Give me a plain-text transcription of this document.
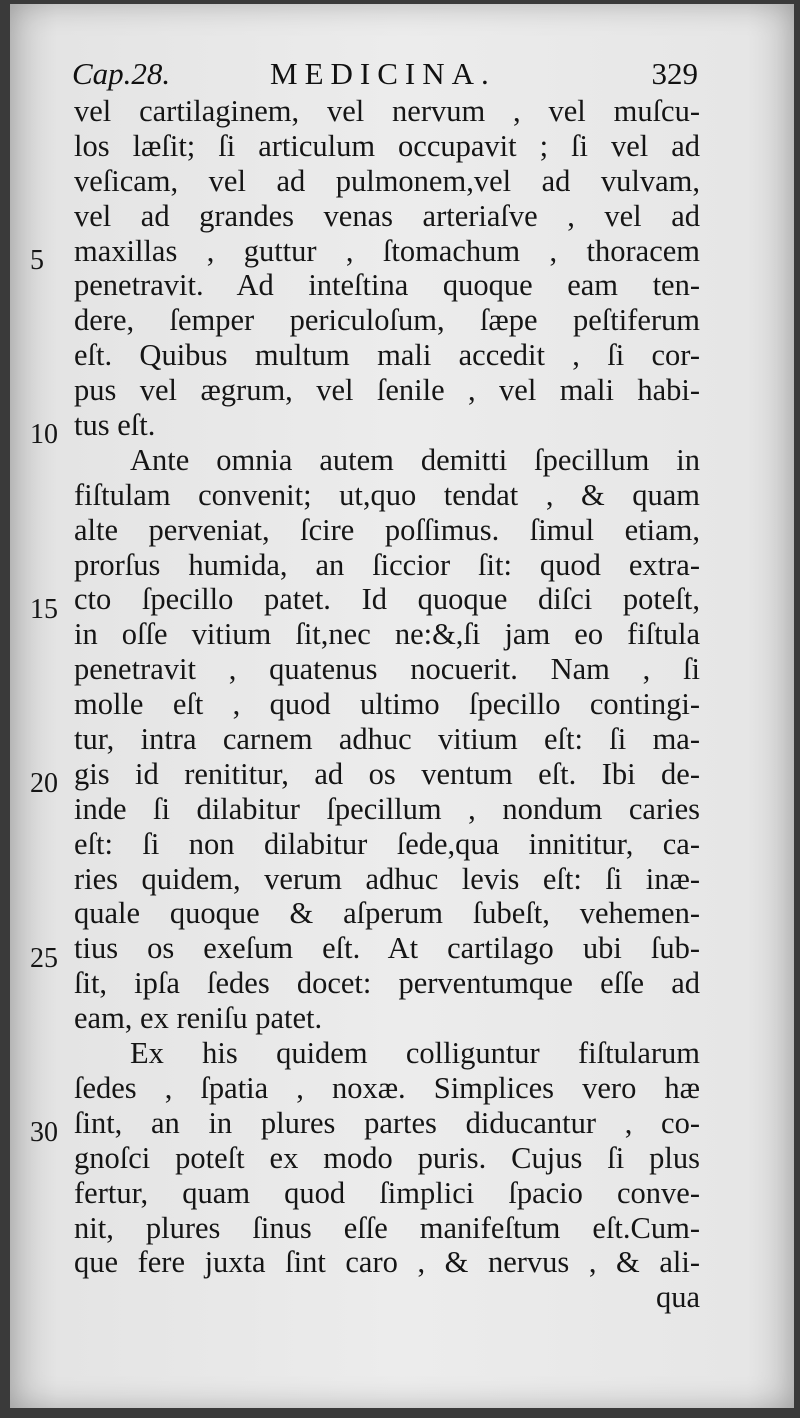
Cap.28.	MEDICINA.	329
5
10
15
20
25
30
vel cartilaginem, vel nervum , vel muſcu-
los læſit; ſi articulum occupavit ; ſi vel ad
veſicam, vel ad pulmonem,vel ad vulvam,
vel ad grandes venas arteriaſve , vel ad
maxillas , guttur , ſtomachum , thoracem
penetravit. Ad inteſtina quoque eam ten-
dere, ſemper periculoſum, ſæpe peſtiferum
eſt. Quibus multum mali accedit , ſi cor-
pus vel ægrum, vel ſenile , vel mali habi-
tus eſt.
Ante omnia autem demitti ſpecillum in
fiſtulam convenit; ut,quo tendat , & quam
alte perveniat, ſcire poſſimus. ſimul etiam,
prorſus humida, an ſiccior ſit: quod extra-
cto ſpecillo patet. Id quoque diſci poteſt,
in oſſe vitium ſit,nec ne:&,ſi jam eo fiſtula
penetravit , quatenus nocuerit. Nam , ſi
molle eſt , quod ultimo ſpecillo contingi-
tur, intra carnem adhuc vitium eſt: ſi ma-
gis id renititur, ad os ventum eſt. Ibi de-
inde ſi dilabitur ſpecillum , nondum caries
eſt: ſi non dilabitur ſede,qua innititur, ca-
ries quidem, verum adhuc levis eſt: ſi inæ-
quale quoque & aſperum ſubeſt, vehemen-
tius os exeſum eſt. At cartilago ubi ſub-
ſit, ipſa ſedes docet: perventumque eſſe ad
eam, ex reniſu patet.
Ex his quidem colliguntur fiſtularum
ſedes , ſpatia , noxæ. Simplices vero hæ
ſint, an in plures partes diducantur , co-
gnoſci poteſt ex modo puris. Cujus ſi plus
fertur, quam quod ſimplici ſpacio conve-
nit, plures ſinus eſſe manifeſtum eſt.Cum-
que fere juxta ſint caro , & nervus , & ali-
qua
